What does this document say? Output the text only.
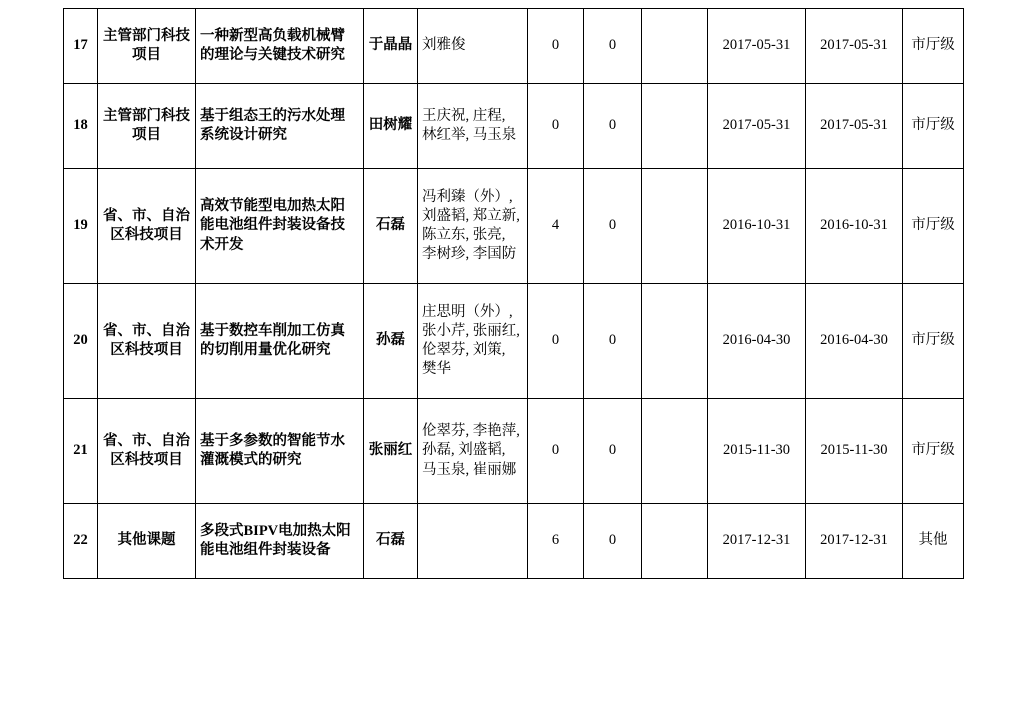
17	主管部门科技项目	一种新型高负载机械臂的理论与关键技术研究	于晶晶	刘雅俊	0	0		2017-05-31	2017-05-31	市厅级
18	主管部门科技项目	基于组态王的污水处理系统设计研究	田树耀	王庆祝, 庄程, 林红举, 马玉泉	0	0		2017-05-31	2017-05-31	市厅级
19	省、市、自治区科技项目	高效节能型电加热太阳能电池组件封装设备技术开发	石磊	冯利臻（外）, 刘盛韬, 郑立新, 陈立东, 张亮, 李树珍, 李国防	4	0		2016-10-31	2016-10-31	市厅级
20	省、市、自治区科技项目	基于数控车削加工仿真的切削用量优化研究	孙磊	庄思明（外）, 张小芹, 张丽红, 伦翠芬, 刘策, 樊华	0	0		2016-04-30	2016-04-30	市厅级
21	省、市、自治区科技项目	基于多参数的智能节水灌溉模式的研究	张丽红	伦翠芬, 李艳萍, 孙磊, 刘盛韬, 马玉泉, 崔丽娜	0	0		2015-11-30	2015-11-30	市厅级
22	其他课题	多段式BIPV电加热太阳能电池组件封装设备	石磊		6	0		2017-12-31	2017-12-31	其他
